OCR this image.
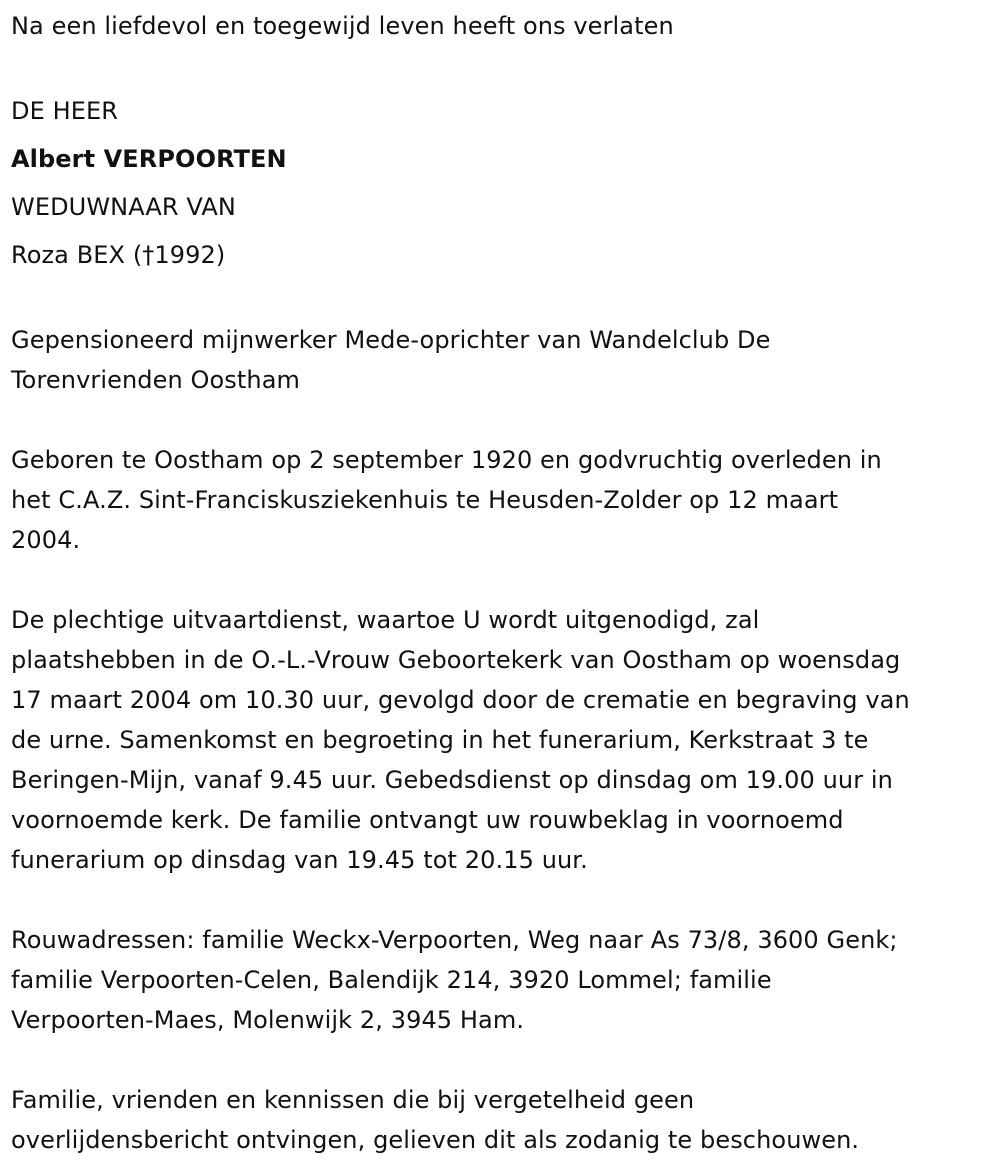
Na een liefdevol en toegewijd leven heeft ons verlaten

DE HEER

Albert VERPOORTEN

WEDUWNAAR VAN

Roza BEX (†1992)

Gepensioneerd mijnwerker Mede-oprichter van Wandelclub De

Torenvrienden Oostham

Geboren te Oostham op 2 september 1920 en godvruchtig overleden in

het C.A.Z. Sint-Franciskusziekenhuis te Heusden-Zolder op 12 maart

2004.

De plechtige uitvaartdienst, waartoe U wordt uitgenodigd, zal

plaatshebben in de O.-L.-Vrouw Geboortekerk van Oostham op woensdag

17 maart 2004 om 10.30 uur, gevolgd door de crematie en begraving van

de urne. Samenkomst en begroeting in het funerarium, Kerkstraat 3 te

Beringen-Mijn, vanaf 9.45 uur. Gebedsdienst op dinsdag om 19.00 uur in

voornoemde kerk. De familie ontvangt uw rouwbeklag in voornoemd

funerarium op dinsdag van 19.45 tot 20.15 uur.

Rouwadressen: familie Weckx-Verpoorten, Weg naar As 73/8, 3600 Genk;

familie Verpoorten-Celen, Balendijk 214, 3920 Lommel; familie

Verpoorten-Maes, Molenwijk 2, 3945 Ham.

Familie, vrienden en kennissen die bij vergetelheid geen

overlijdensbericht ontvingen, gelieven dit als zodanig te beschouwen.
